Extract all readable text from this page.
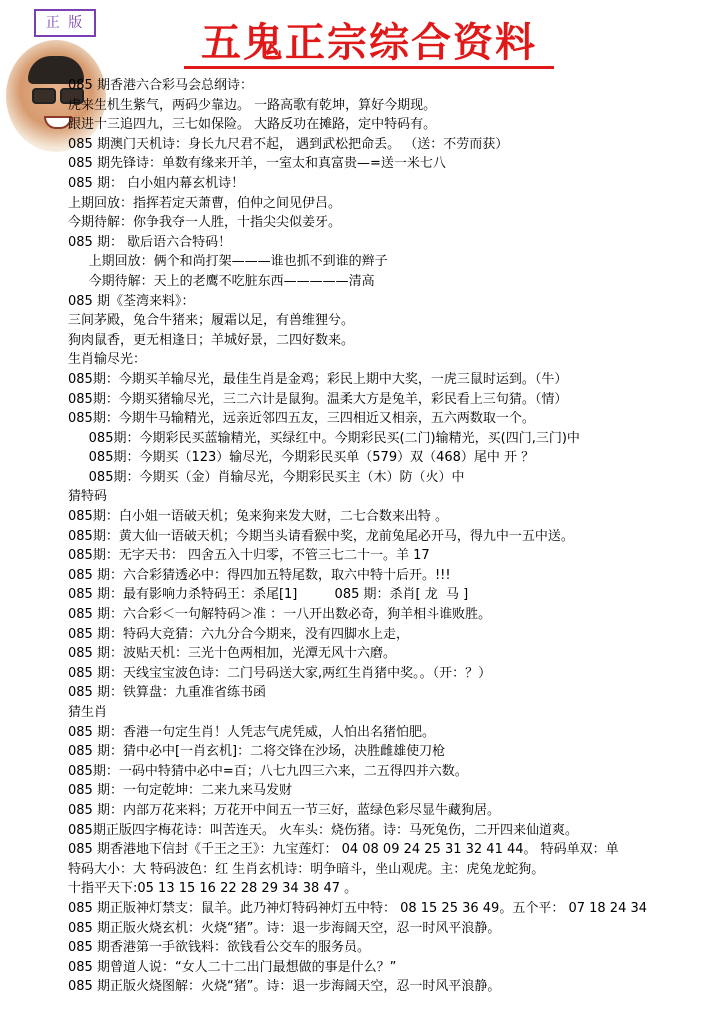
正 版	五鬼正宗综合资料
085 期香港六合彩马会总纲诗：
虎来生机生紫气，两码少靠边。 一路高歌有乾坤，算好今期现。
跟进十三追四九，三七如保险。 大路反功在摊路，定中特码有。
085 期澳门天机诗：身长九尺君不起， 遇到武松把命丢。 （送：不劳而获）
085 期先锋诗：单数有缘来开羊，一室太和真富贵—=送一米七八
085 期： 白小姐内幕玄机诗！
上期回放：指挥若定天萧曹，伯仲之间见伊吕。
今期待解：你争我夺一人胜，十指尖尖似姜牙。
085 期： 歇后语六合特码！
上期回放：俩个和尚打架———谁也抓不到谁的辫子
今期待解：天上的老鹰不吃脏东西—————清高
085 期《荃湾来料》：
三间茅殿，兔合牛猪来；履霜以足，有兽维狸兮。
狗肉鼠香，更无相逢日；羊城好景，二四好数来。
生肖输尽光：
085期：今期买羊输尽光，最佳生肖是金鸡；彩民上期中大奖，一虎三鼠时运到。（牛）
085期：今期买猪输尽光，三二六计是鼠狗。温柔大方是兔羊，彩民看上三句猜。（情）
085期：今期牛马输精光，远亲近邻四五友，三四相近又相亲，五六两数取一个。
085期：今期彩民买蓝输精光，买绿红中。今期彩民买(二门)输精光，买(四门,三门)中
085期：今期买（123）输尽光，今期彩民买单（579）双（468）尾中 开 ？
085期：今期买（金）肖输尽光，今期彩民买主（木）防（火）中
猜特码
085期：白小姐一语破天机；兔来狗来发大财，二七合数来出特 。
085期：黄大仙一语破天机；今期当头请看猴中奖，龙前兔尾必开马，得九中一五中送。
085期：无字天书： 四舍五入十归零，不管三七二十一。羊 17
085 期：六合彩猜透必中：得四加五特尾数，取六中特十后开。!!!
085 期：最有影响力杀特码王：杀尾[1]         085 期：杀肖[ 龙  马 ]
085 期：六合彩＜一句解特码＞准 ：一八开出数必奇，狗羊相斗谁败胜。
085 期：特码大竞猜：六九分合今期来，没有四脚水上走，
085 期：波贴天机：三光十色两相加，光潭无风十六磨。
085 期：天线宝宝波色诗：二门号码送大家,两红生肖猪中奖。。（开：？）
085 期：铁算盘：九重准省练书函
猜生肖
085 期：香港一句定生肖！人凭志气虎凭威，人怕出名猪怕肥。
085 期：猜中必中[一肖玄机]：二将交锋在沙场，决胜雌雄使刀枪
085期：一码中特猜中必中=百；八七九四三六来，二五得四并六数。
085 期：一句定乾坤：二来九来马发财
085 期：内部万花来料；万花开中间五一节三好，蓝绿色彩尽显牛藏狗居。
085期正版四字梅花诗：叫苦连天。 火车头：烧伤猪。诗：马死兔伤，二开四来仙道爽。
085 期香港地下信封《千王之王》：九宝莲灯： 04 08 09 24 25 31 32 41 44。 特码单双：单
特码大小：大 特码波色：红 生肖玄机诗：明争暗斗，坐山观虎。主：虎兔龙蛇狗。
十指平天下:05 13 15 16 22 28 29 34 38 47 。
085 期正版神灯禁支：鼠羊。此乃神灯特码神灯五中特： 08 15 25 36 49。五个平： 07 18 24 34
085 期正版火烧玄机：火烧“猪”。诗：退一步海阔天空，忍一时风平浪静。
085 期香港第一手欲钱料：欲钱看公交车的服务员。
085 期曾道人说：“女人二十二出门最想做的事是什么？”
085 期正版火烧图解：火烧“猪”。诗：退一步海阔天空，忍一时风平浪静。
